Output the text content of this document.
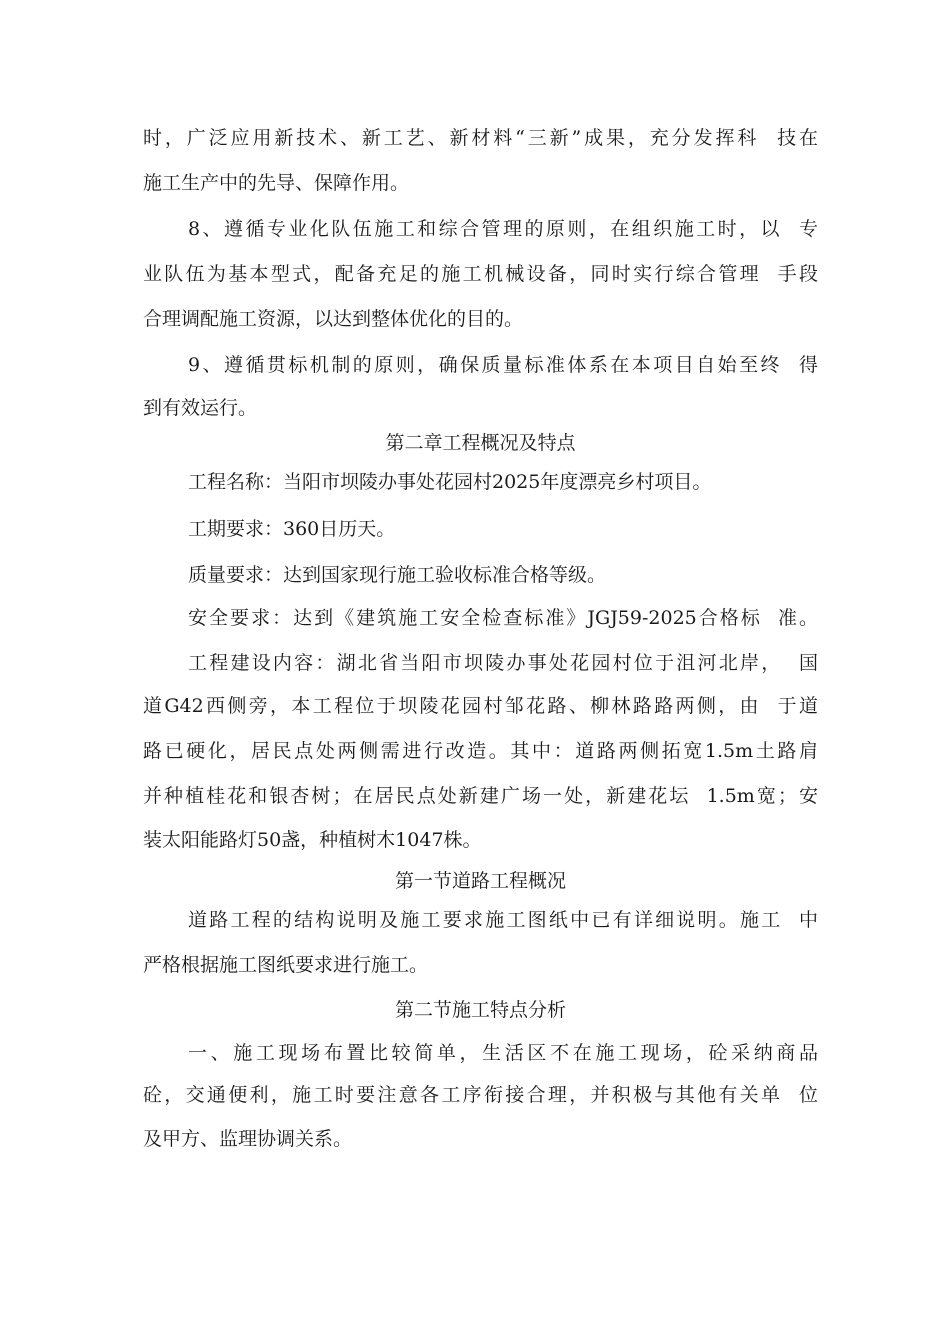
时，广泛应用新技术、新工艺、新材料“三新”成果，充分发挥科  技在
施工生产中的先导、保障作用。
8、遵循专业化队伍施工和综合管理的原则，在组织施工时，以  专
业队伍为基本型式，配备充足的施工机械设备，同时实行综合管理  手段
合理调配施工资源，以达到整体优化的目的。
9、遵循贯标机制的原则，确保质量标准体系在本项目自始至终  得
到有效运行。
第二章工程概况及特点
工程名称：当阳市坝陵办事处花园村2025年度漂亮乡村项目。
工期要求：360日历天。
质量要求：达到国家现行施工验收标准合格等级。
安全要求：达到《建筑施工安全检查标准》JGJ59-2025合格标  准。
工程建设内容：湖北省当阳市坝陵办事处花园村位于沮河北岸，  国
道G42西侧旁，本工程位于坝陵花园村邹花路、柳林路路两侧，由  于道
路已硬化，居民点处两侧需进行改造。其中：道路两侧拓宽1.5m土路肩
并种植桂花和银杏树；在居民点处新建广场一处，新建花坛  1.5m宽；安
装太阳能路灯50盏，种植树木1047株。
第一节道路工程概况
道路工程的结构说明及施工要求施工图纸中已有详细说明。施工  中
严格根据施工图纸要求进行施工。
第二节施工特点分析
一、施工现场布置比较简单，生活区不在施工现场，砼采纳商品
砼，交通便利，施工时要注意各工序衔接合理，并积极与其他有关单  位
及甲方、监理协调关系。
